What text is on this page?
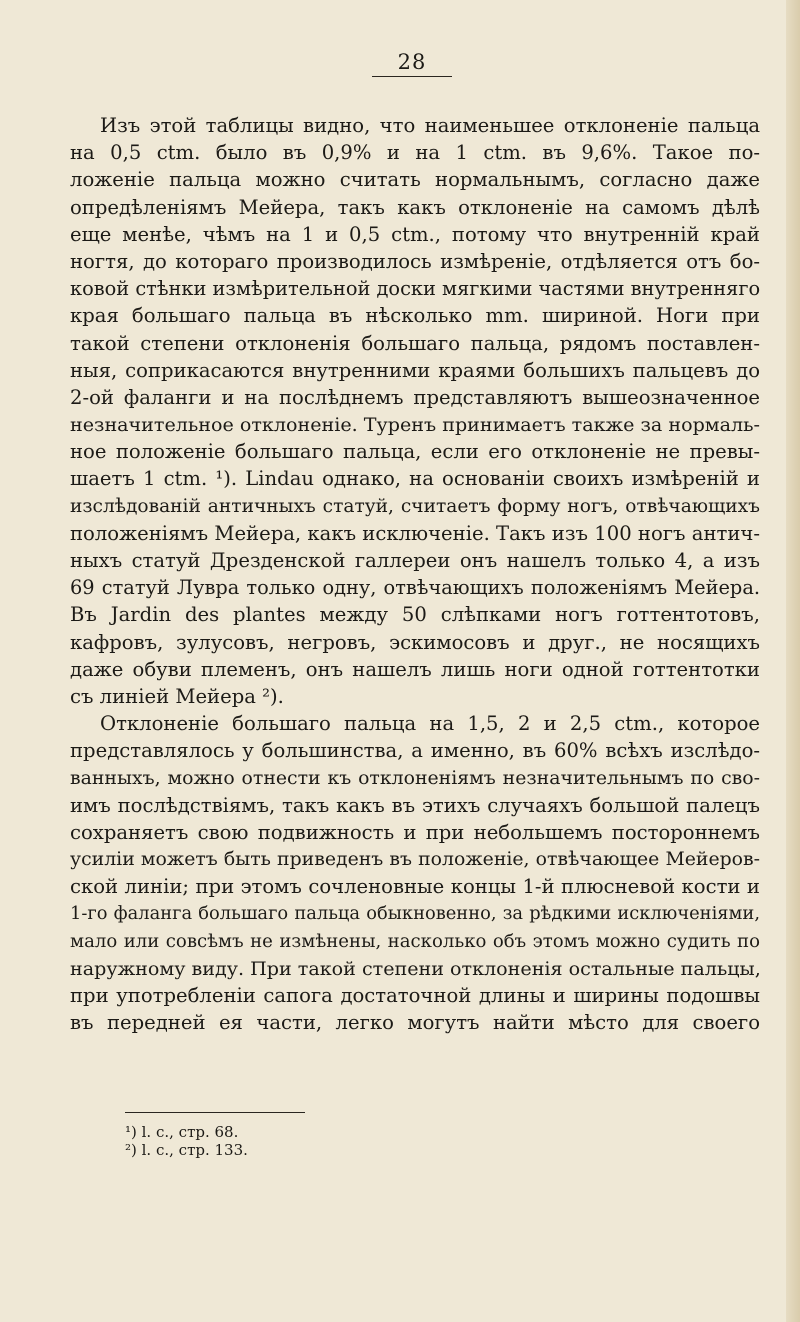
28
Изъ этой таблицы видно, что наименьшее отклоненіе пальца
на 0,5 ctm. было въ 0,9% и на 1 ctm. въ 9,6%. Такое по-
ложеніе пальца можно считать нормальнымъ, согласно даже
опредѣленіямъ Мейера, такъ какъ отклоненіе на самомъ дѣлѣ
еще менѣе, чѣмъ на 1 и 0,5 ctm., потому что внутренній край
ногтя, до котораго производилось измѣреніе, отдѣляется отъ бо-
ковой стѣнки измѣрительной доски мягкими частями внутренняго
края большаго пальца въ нѣсколько mm. шириной. Ноги при
такой степени отклоненія большаго пальца, рядомъ поставлен-
ныя, соприкасаются внутренними краями большихъ пальцевъ до
2-ой фаланги и на послѣднемъ представляютъ вышеозначенное
незначительное отклоненіе. Туренъ принимаетъ также за нормаль-
ное положеніе большаго пальца, если его отклоненіе не превы-
шаетъ 1 ctm. ¹). Lindau однако, на основаніи своихъ измѣреній и
изслѣдованій античныхъ статуй, считаетъ форму ногъ, отвѣчающихъ
положеніямъ Мейера, какъ исключеніе. Такъ изъ 100 ногъ антич-
ныхъ статуй Дрезденской галлереи онъ нашелъ только 4, а изъ
69 статуй Лувра только одну, отвѣчающихъ положеніямъ Мейера.
Въ Jardin des plantes между 50 слѣпками ногъ готтентотовъ,
кафровъ, зулусовъ, негровъ, эскимосовъ и друг., не носящихъ
даже обуви племенъ, онъ нашелъ лишь ноги одной готтентотки
съ линіей Мейера ²).
Отклоненіе большаго пальца на 1,5, 2 и 2,5 ctm., которое
представлялось у большинства, а именно, въ 60% всѣхъ изслѣдо-
ванныхъ, можно отнести къ отклоненіямъ незначительнымъ по сво-
имъ послѣдствіямъ, такъ какъ въ этихъ случаяхъ большой палецъ
сохраняетъ свою подвижность и при небольшемъ постороннемъ
усиліи можетъ быть приведенъ въ положеніе, отвѣчающее Мейеров-
ской линіи; при этомъ сочленовные концы 1-й плюсневой кости и
1-го фаланга большаго пальца обыкновенно, за рѣдкими исключеніями,
мало или совсѣмъ не измѣнены, насколько объ этомъ можно судить по
наружному виду. При такой степени отклоненія остальные пальцы,
при употребленіи сапога достаточной длины и ширины подошвы
въ передней ея части, легко могутъ найти мѣсто для своего
¹) l. c., стр. 68.
²) l. c., стр. 133.
